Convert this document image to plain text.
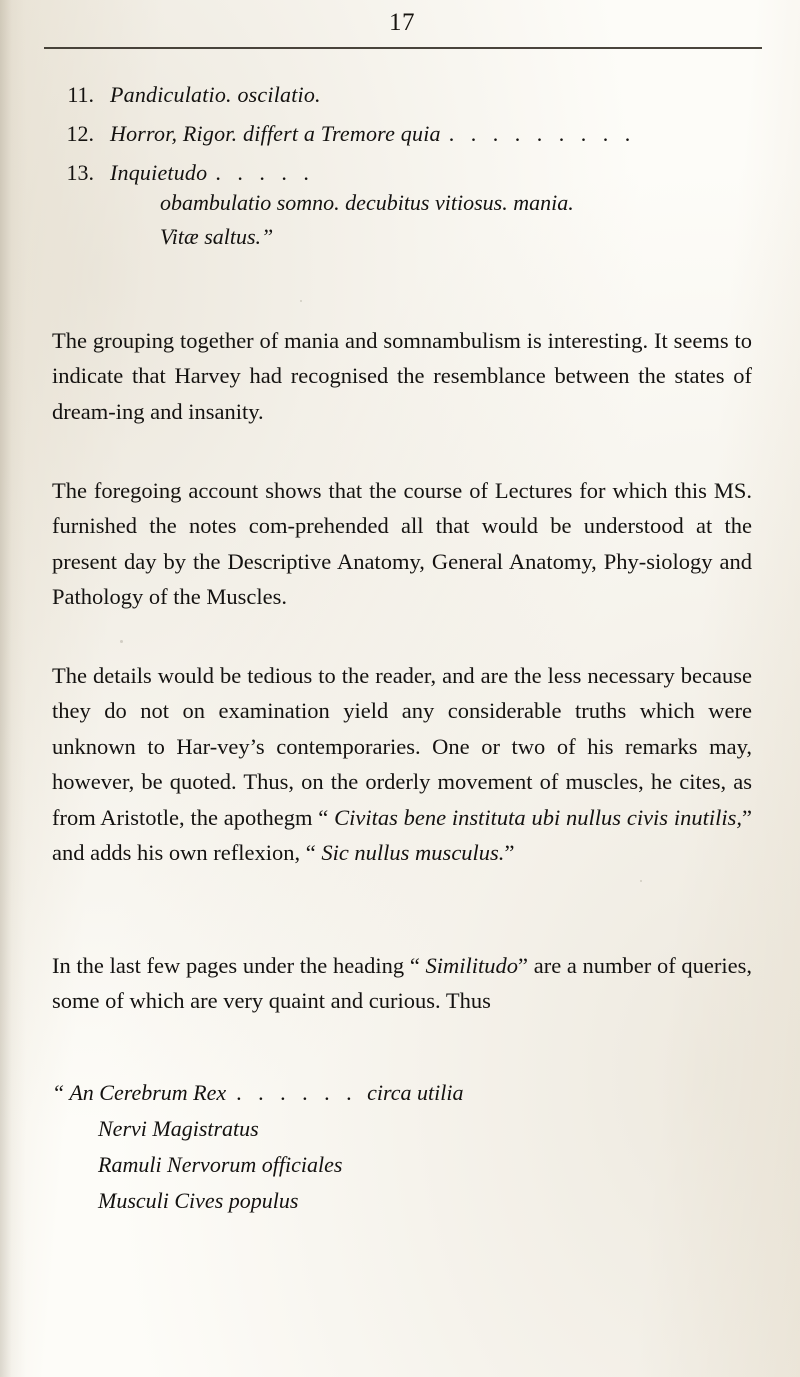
17
11. Pandiculatio. oscilatio.
12. Horror, Rigor. differt a Tremore quia . . . . . . . . .
13. Inquietudo . . . . .
obambulatio somno. decubitus vitiosus. mania.
Vitæ saltus.”

The grouping together of mania and somnambulism is interesting. It seems to indicate that Harvey had recognised the resemblance between the states of dream-ing and insanity.

The foregoing account shows that the course of Lectures for which this MS. furnished the notes com-prehended all that would be understood at the present day by the Descriptive Anatomy, General Anatomy, Phy-siology and Pathology of the Muscles.

The details would be tedious to the reader, and are the less necessary because they do not on examination yield any considerable truths which were unknown to Har-vey’s contemporaries. One or two of his remarks may, however, be quoted. Thus, on the orderly movement of muscles, he cites, as from Aristotle, the apothegm “ Civitas bene instituta ubi nullus civis inutilis,” and adds his own reflexion, “ Sic nullus musculus.”

In the last few pages under the heading “ Similitudo” are a number of queries, some of which are very quaint and curious. Thus

“ An Cerebrum Rex . . . . . . circa utilia
Nervi Magistratus
Ramuli Nervorum officiales
Musculi Cives populus
